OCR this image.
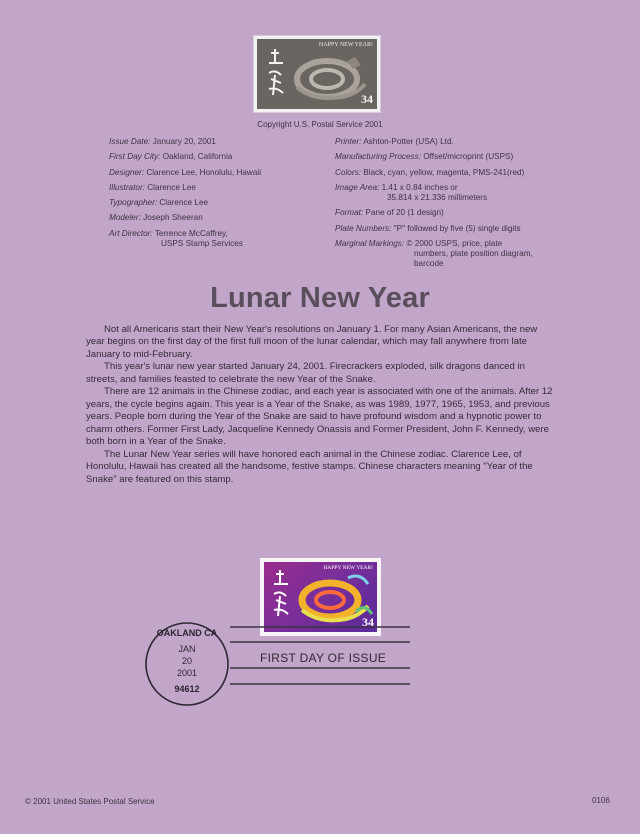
HAPPY NEW YEAR!
34
Copyright U.S. Postal Service 2001
Issue Date: January 20, 2001
First Day City: Oakland, California
Designer: Clarence Lee, Honolulu, Hawaii
Illustrator: Clarence Lee
Typographer: Clarence Lee
Modeler: Joseph Sheeran
Art Director: Terrence McCaffrey,
USPS Stamp Services
Printer: Ashton-Potter (USA) Ltd.
Manufacturing Process: Offset/microprint (USPS)
Colors: Black, cyan, yellow, magenta, PMS-241(red)
Image Area: 1.41 x 0.84 inches or
35.814 x 21.336 millimeters
Format: Pane of 20 (1 design)
Plate Numbers: "P" followed by five (5) single digits
Marginal Markings: © 2000 USPS, price, plate
numbers, plate position diagram,
barcode
Lunar New Year

Not all Americans start their New Year's resolutions on January 1. For many Asian Americans, the new year begins on the first day of the first full moon of the lunar calendar, which may fall anywhere from late January to mid-February.

This year's lunar new year started January 24, 2001. Firecrackers exploded, silk dragons danced in streets, and families feasted to celebrate the new Year of the Snake.

There are 12 animals in the Chinese zodiac, and each year is associated with one of the animals. After 12 years, the cycle begins again. This year is a Year of the Snake, as was 1989, 1977, 1965, 1953, and previous years. People born during the Year of the Snake are said to have profound wisdom and a hypnotic power to charm others. Former First Lady, Jacqueline Kennedy Onassis and Former President, John F. Kennedy, were both born in a Year of the Snake.

The Lunar New Year series will have honored each animal in the Chinese zodiac. Clarence Lee, of Honolulu, Hawaii has created all the handsome, festive stamps. Chinese characters meaning "Year of the Snake" are featured on this stamp.

HAPPY NEW YEAR!
34
FIRST DAY OF ISSUE
OAKLAND CA
JAN
20
2001
94612
© 2001 United States Postal Service	0106
